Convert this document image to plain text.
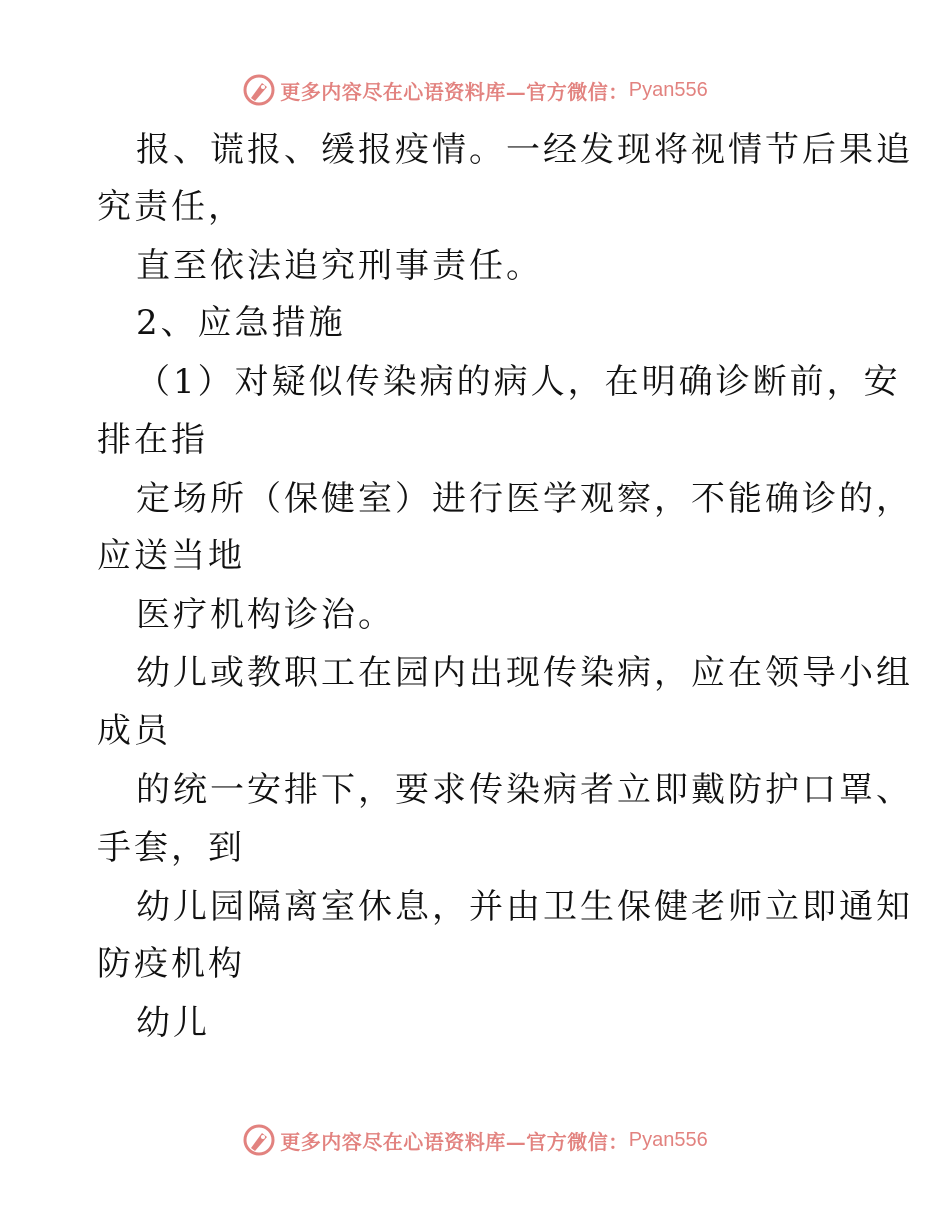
更多内容尽在心语资料库—官方微信： Pyan556
报、谎报、缓报疫情。一经发现将视情节后果追
究责任，
直至依法追究刑事责任。
2、应急措施
（1）对疑似传染病的病人，在明确诊断前，安
排在指
定场所（保健室）进行医学观察，不能确诊的，
应送当地
医疗机构诊治。
幼儿或教职工在园内出现传染病，应在领导小组
成员
的统一安排下，要求传染病者立即戴防护口罩、
手套，到
幼儿园隔离室休息，并由卫生保健老师立即通知
防疫机构
幼儿
更多内容尽在心语资料库—官方微信： Pyan556
